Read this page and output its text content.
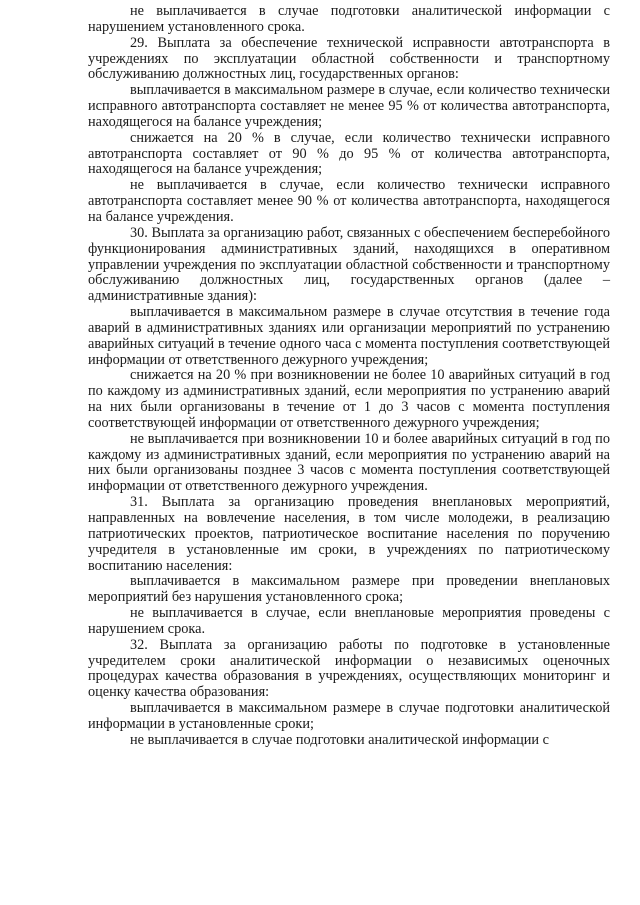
не выплачивается в случае подготовки аналитической информации с нарушением установленного срока.

29. Выплата за обеспечение технической исправности автотранспорта в учреждениях по эксплуатации областной собственности и транспортному обслуживанию должностных лиц, государственных органов:

выплачивается в максимальном размере в случае, если количество технически исправного автотранспорта составляет не менее 95 % от количества автотранспорта, находящегося на балансе учреждения;

снижается на 20 % в случае, если количество технически исправного автотранспорта составляет от 90 % до 95 % от количества автотранспорта, находящегося на балансе учреждения;

не выплачивается в случае, если количество технически исправного автотранспорта составляет менее 90 % от количества автотранспорта, находящегося на балансе учреждения.

30. Выплата за организацию работ, связанных с обеспечением бесперебойного функционирования административных зданий, находящихся в оперативном управлении учреждения по эксплуатации областной собственности и транспортному обслуживанию должностных лиц, государственных органов (далее – административные здания):

выплачивается в максимальном размере в случае отсутствия в течение года аварий в административных зданиях или организации мероприятий по устранению аварийных ситуаций в течение одного часа с момента поступления соответствующей информации от ответственного дежурного учреждения;

снижается на 20 % при возникновении не более 10 аварийных ситуаций в год по каждому из административных зданий, если мероприятия по устранению аварий на них были организованы в течение от 1 до 3 часов с момента поступления соответствующей информации от ответственного дежурного учреждения;

не выплачивается при возникновении 10 и более аварийных ситуаций в год по каждому из административных зданий, если мероприятия по устранению аварий на них были организованы позднее 3 часов с момента поступления соответствующей информации от ответственного дежурного учреждения.

31. Выплата за организацию проведения внеплановых мероприятий, направленных на вовлечение населения, в том числе молодежи, в реализацию патриотических проектов, патриотическое воспитание населения по поручению учредителя в установленные им сроки, в учреждениях по патриотическому воспитанию населения:

выплачивается в максимальном размере при проведении внеплановых мероприятий без нарушения установленного срока;

не выплачивается в случае, если внеплановые мероприятия проведены с нарушением срока.

32. Выплата за организацию работы по подготовке в установленные учредителем сроки аналитической информации о независимых оценочных процедурах качества образования в учреждениях, осуществляющих мониторинг и оценку качества образования:

выплачивается в максимальном размере в случае подготовки аналитической информации в установленные сроки;

не выплачивается в случае подготовки аналитической информации с
